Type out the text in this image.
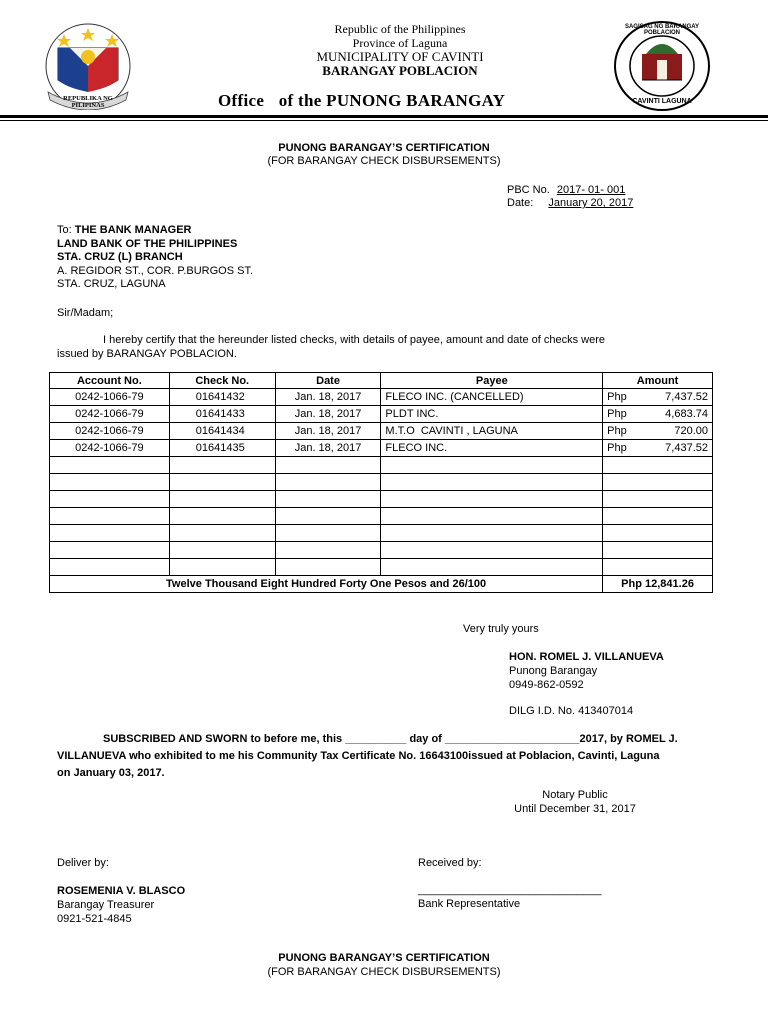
REPUBLIKA NG PILIPINAS
Republic of the Philippines
Province of Laguna
MUNICIPALITY OF CAVINTI
BARANGAY POBLACION
Office of the PUNONG BARANGAY
SAGISAG NG BARANGAY POBLACION
CAVINTI LAGUNA
PUNONG BARANGAY’S CERTIFICATION
(FOR BARANGAY CHECK DISBURSEMENTS)
PBC No. 2017- 01- 001
Date: January 20, 2017
To: THE BANK MANAGER
LAND BANK OF THE PHILIPPINES
STA. CRUZ (L) BRANCH
A. REGIDOR ST., COR. P.BURGOS ST.
STA. CRUZ, LAGUNA
Sir/Madam;
I hereby certify that the hereunder listed checks, with details of payee, amount and date of checks were
issued by BARANGAY POBLACION.
Account No.	Check No.	Date	Payee	Amount
0242-1066-79	01641432	Jan. 18, 2017	FLECO INC. (CANCELLED)	Php 7,437.52

0242-1066-79	01641433	Jan. 18, 2017	PLDT INC.	Php 4,683.74

0242-1066-79	01641434	Jan. 18, 2017	M.T.O  CAVINTI , LAGUNA	Php 720.00

0242-1066-79	01641435	Jan. 18, 2017	FLECO INC.	Php 7,437.52

Twelve Thousand Eight Hundred Forty One Pesos and 26/100				Php 12,841.26
Very truly yours
HON. ROMEL J. VILLANUEVA
Punong Barangay
0949-862-0592
DILG I.D. No. 413407014
SUBSCRIBED AND SWORN to before me, this __________ day of ______________________2017, by ROMEL J.
VILLANUEVA who exhibited to me his Community Tax Certificate No. 16643100issued at Poblacion, Cavinti, Laguna
on January 03, 2017.
Notary Public
Until December 31, 2017
Deliver by:
ROSEMENIA V. BLASCO
Barangay Treasurer
0921-521-4845
Received by:
______________________________
Bank Representative
PUNONG BARANGAY’S CERTIFICATION
(FOR BARANGAY CHECK DISBURSEMENTS)
